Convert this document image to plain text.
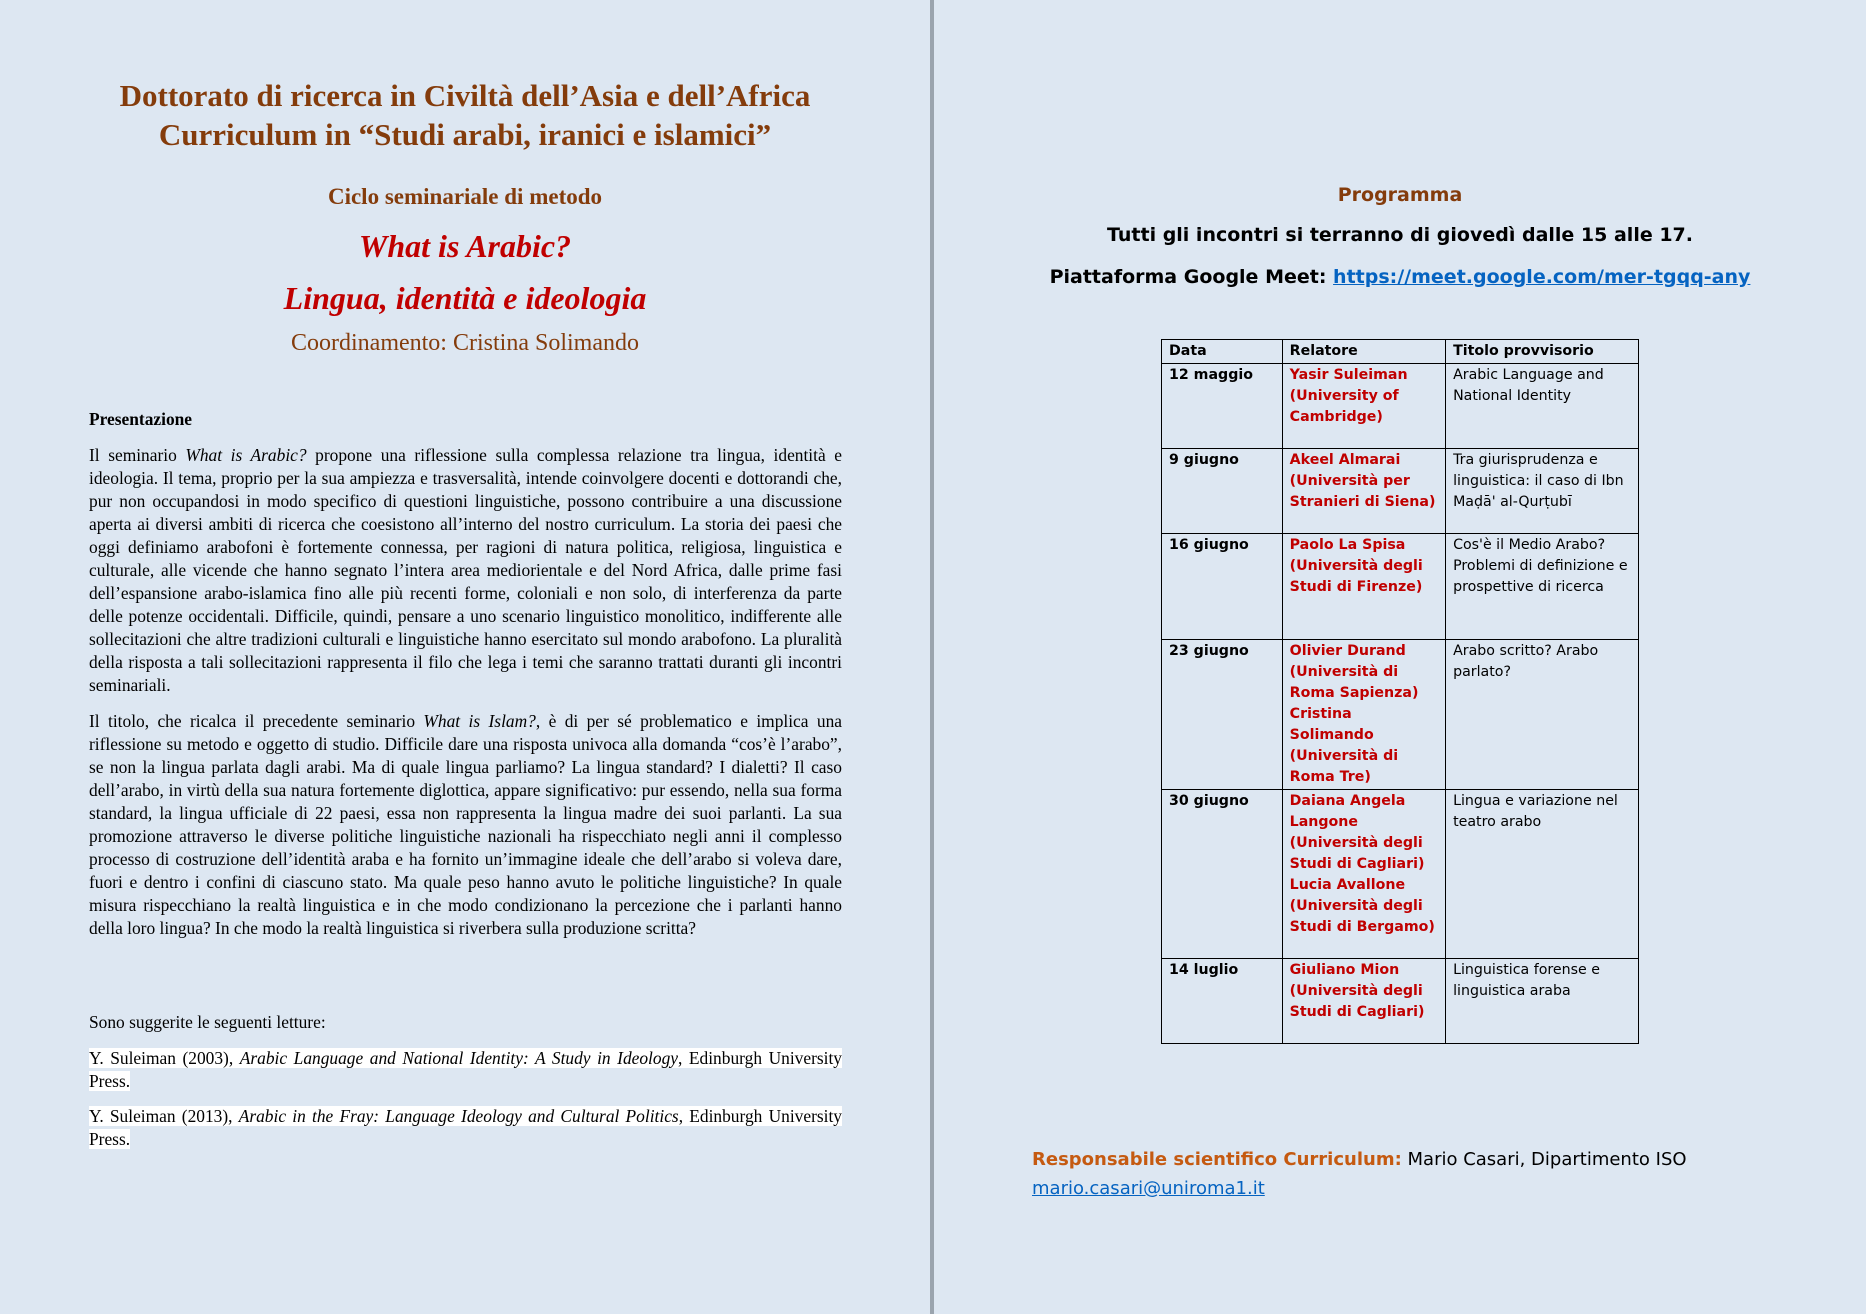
Dottorato di ricerca in Civiltà dell’Asia e dell’Africa
Curriculum in “Studi arabi, iranici e islamici”
Ciclo seminariale di metodo
What is Arabic?
Lingua, identità e ideologia
Coordinamento: Cristina Solimando
Presentazione
Il seminario What is Arabic? propone una riflessione sulla complessa relazione tra lingua, identità e ideologia. Il tema, proprio per la sua ampiezza e trasversalità, intende coinvolgere docenti e dottorandi che, pur non occupandosi in modo specifico di questioni linguistiche, possono contribuire a una discussione aperta ai diversi ambiti di ricerca che coesistono all’interno del nostro curriculum. La storia dei paesi che oggi definiamo arabofoni è fortemente connessa, per ragioni di natura politica, religiosa, linguistica e culturale, alle vicende che hanno segnato l’intera area mediorientale e del Nord Africa, dalle prime fasi dell’espansione arabo-islamica fino alle più recenti forme, coloniali e non solo, di interferenza da parte delle potenze occidentali. Difficile, quindi, pensare a uno scenario linguistico monolitico, indifferente alle sollecitazioni che altre tradizioni culturali e linguistiche hanno esercitato sul mondo arabofono. La pluralità della risposta a tali sollecitazioni rappresenta il filo che lega i temi che saranno trattati duranti gli incontri seminariali.
Il titolo, che ricalca il precedente seminario What is Islam?, è di per sé problematico e implica una riflessione su metodo e oggetto di studio. Difficile dare una risposta univoca alla domanda “cos’è l’arabo”, se non la lingua parlata dagli arabi. Ma di quale lingua parliamo? La lingua standard? I dialetti? Il caso dell’arabo, in virtù della sua natura fortemente diglottica, appare significativo: pur essendo, nella sua forma standard, la lingua ufficiale di 22 paesi, essa non rappresenta la lingua madre dei suoi parlanti. La sua promozione attraverso le diverse politiche linguistiche nazionali ha rispecchiato negli anni il complesso processo di costruzione dell’identità araba e ha fornito un’immagine ideale che dell’arabo si voleva dare, fuori e dentro i confini di ciascuno stato. Ma quale peso hanno avuto le politiche linguistiche? In quale misura rispecchiano la realtà linguistica e in che modo condizionano la percezione che i parlanti hanno della loro lingua? In che modo la realtà linguistica si riverbera sulla produzione scritta?
Sono suggerite le seguenti letture:
Y. Suleiman (2003), Arabic Language and National Identity: A Study in Ideology, Edinburgh University Press.
Y. Suleiman (2013), Arabic in the Fray: Language Ideology and Cultural Politics, Edinburgh University Press.
Programma
Tutti gli incontri si terranno di giovedì dalle 15 alle 17.
Piattaforma Google Meet: https://meet.google.com/mer-tgqq-any
Data	Relatore	Titolo provvisorio
12 maggio	Yasir Suleiman (University of Cambridge)	Arabic Language and National Identity
9 giugno	Akeel Almarai (Università per Stranieri di Siena)	Tra giurisprudenza e linguistica: il caso di Ibn Maḍā' al-Qurṭubī
16 giugno	Paolo La Spisa (Università degli Studi di Firenze)	Cos'è il Medio Arabo? Problemi di definizione e prospettive di ricerca
23 giugno	Olivier Durand (Università di Roma Sapienza) Cristina Solimando (Università di Roma Tre)	Arabo scritto? Arabo parlato?
30 giugno	Daiana Angela Langone (Università degli Studi di Cagliari) Lucia Avallone (Università degli Studi di Bergamo)	Lingua e variazione nel teatro arabo
14 luglio	Giuliano Mion (Università degli Studi di Cagliari)	Linguistica forense e linguistica araba
Responsabile scientifico Curriculum: Mario Casari, Dipartimento ISO
mario.casari@uniroma1.it
